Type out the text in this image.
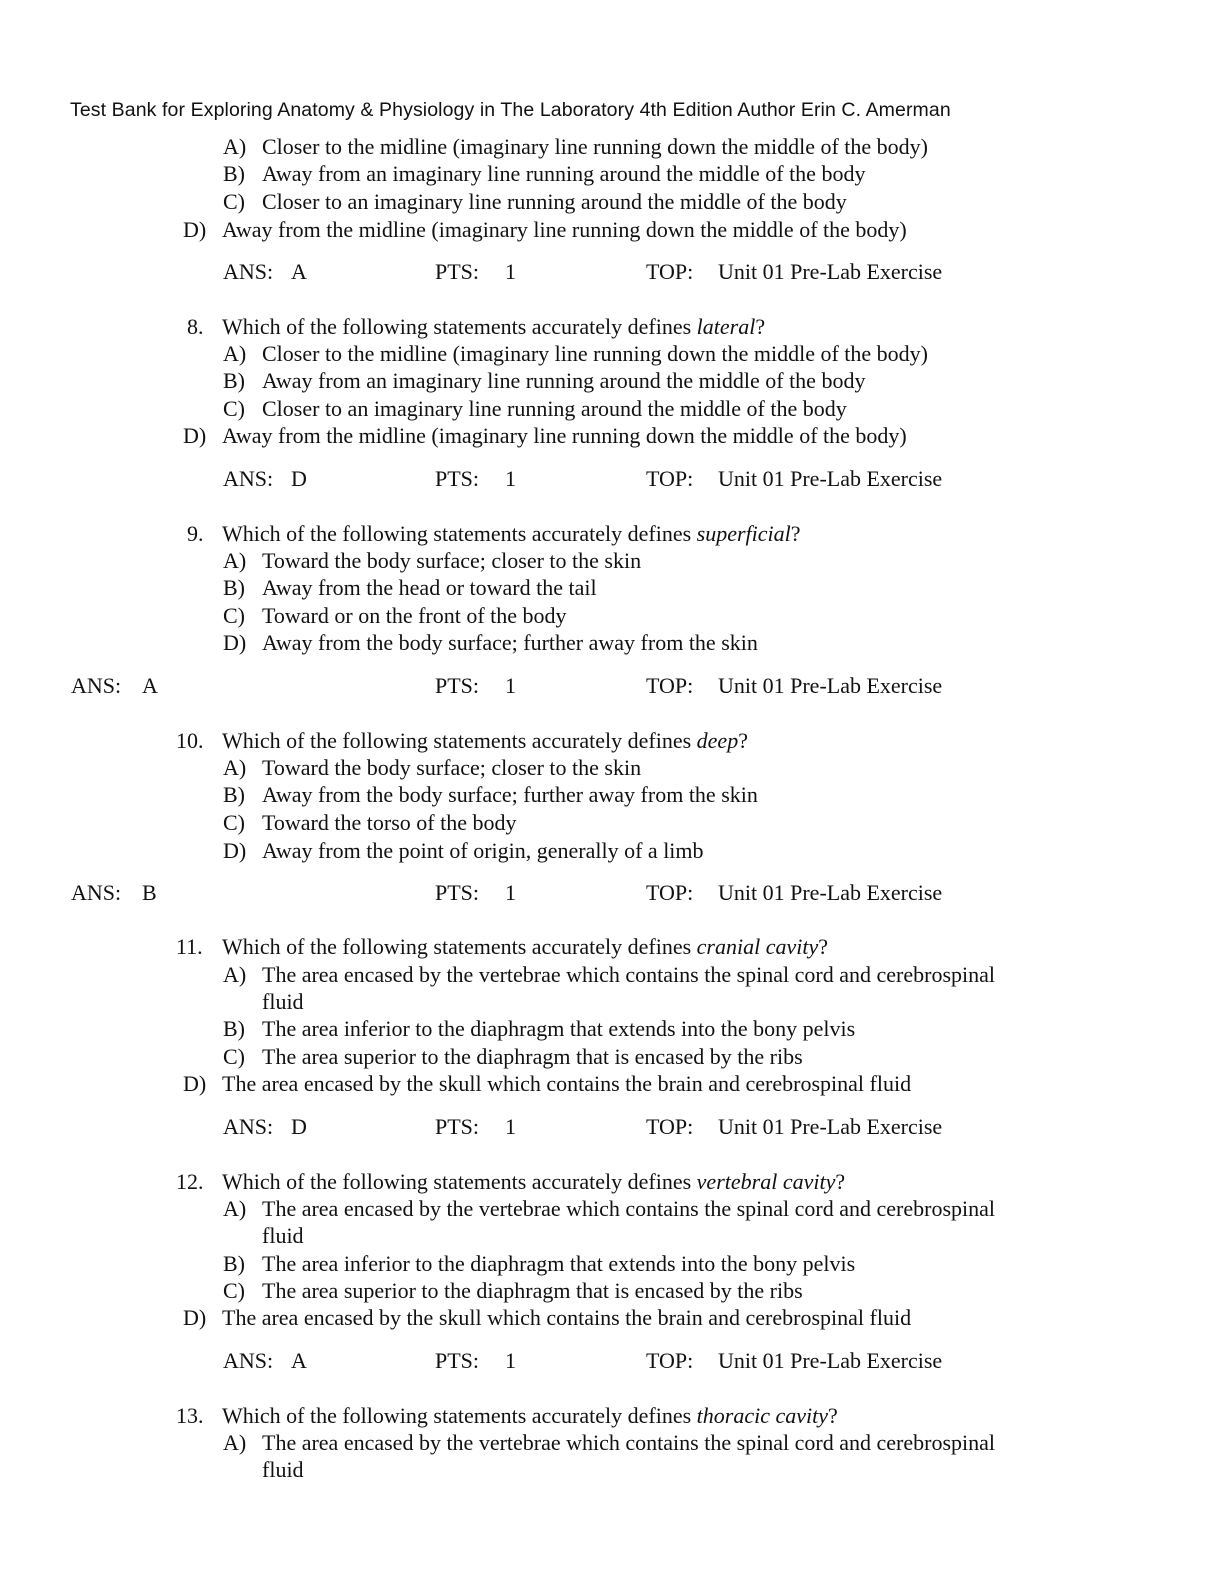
Test Bank for Exploring Anatomy & Physiology in The Laboratory 4th Edition Author Erin C. Amerman
A) Closer to the midline (imaginary line running down the middle of the body)
B) Away from an imaginary line running around the middle of the body
C) Closer to an imaginary line running around the middle of the body
D) Away from the midline (imaginary line running down the middle of the body)
ANS: A	PTS: 1	TOP: Unit 01 Pre-Lab Exercise
8. Which of the following statements accurately defines lateral?
A) Closer to the midline (imaginary line running down the middle of the body)
B) Away from an imaginary line running around the middle of the body
C) Closer to an imaginary line running around the middle of the body
D) Away from the midline (imaginary line running down the middle of the body)
ANS: D	PTS: 1	TOP: Unit 01 Pre-Lab Exercise
9. Which of the following statements accurately defines superficial?
A) Toward the body surface; closer to the skin
B) Away from the head or toward the tail
C) Toward or on the front of the body
D) Away from the body surface; further away from the skin
ANS: A	PTS: 1	TOP: Unit 01 Pre-Lab Exercise
10. Which of the following statements accurately defines deep?
A) Toward the body surface; closer to the skin
B) Away from the body surface; further away from the skin
C) Toward the torso of the body
D) Away from the point of origin, generally of a limb
ANS: B	PTS: 1	TOP: Unit 01 Pre-Lab Exercise
11. Which of the following statements accurately defines cranial cavity?
A) The area encased by the vertebrae which contains the spinal cord and cerebrospinal
fluid
B) The area inferior to the diaphragm that extends into the bony pelvis
C) The area superior to the diaphragm that is encased by the ribs
D) The area encased by the skull which contains the brain and cerebrospinal fluid
ANS: D	PTS: 1	TOP: Unit 01 Pre-Lab Exercise
12. Which of the following statements accurately defines vertebral cavity?
A) The area encased by the vertebrae which contains the spinal cord and cerebrospinal
fluid
B) The area inferior to the diaphragm that extends into the bony pelvis
C) The area superior to the diaphragm that is encased by the ribs
D) The area encased by the skull which contains the brain and cerebrospinal fluid
ANS: A	PTS: 1	TOP: Unit 01 Pre-Lab Exercise
13. Which of the following statements accurately defines thoracic cavity?
A) The area encased by the vertebrae which contains the spinal cord and cerebrospinal
fluid
